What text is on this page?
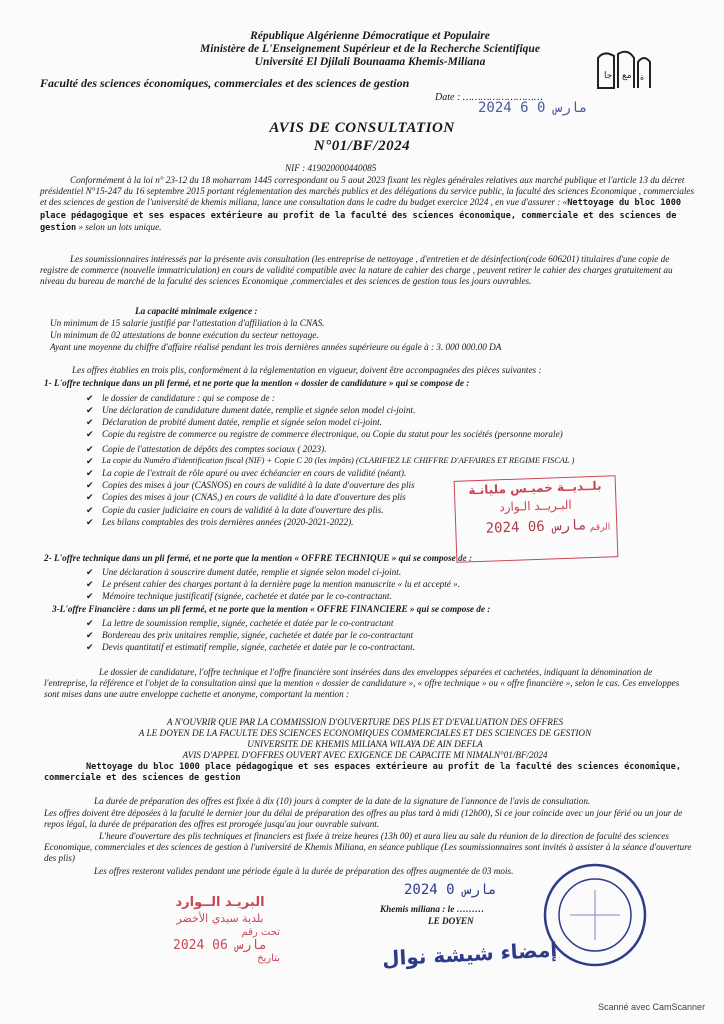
République Algérienne Démocratique et Populaire
Ministère de L'Enseignement Supérieur et de la Recherche Scientifique
Université El Djilali Bounaama Khemis-Miliana
جا مع ة
Faculté des sciences économiques, commerciales et des sciences de gestion
Date : ………………………
2024 مارس 0 6
AVIS DE CONSULTATION
N°01/BF/2024
NIF : 419020000440085
Conformément à la loi n° 23-12 du 18 moharram 1445 correspondant ou 5 aout 2023 fixant les règles générales relatives aux marché publique et l'article 13 du décret présidentiel N°15-247 du 16 septembre 2015 portant réglementation des marchés publics et des délégations du service public, la faculté des sciences Economique , commerciales et des sciences de gestion de l'université de khemis miliana, lance une consultation dans le cadre du budget exercice 2024 , en vue d'assurer : «Nettoyage du bloc 1000 place pédagogique et ses espaces extérieure au profit de la faculté des sciences économique, commerciale et des sciences de gestion » selon un lots unique.
Les soumissionnaires intéressés par la présente avis consultation (les entreprise de nettoyage , d'entretien et de désinfection(code 606201) titulaires d'une copie de registre de commerce (nouvelle immatriculation) en cours de validité compatible avec la nature de cahier des charge , peuvent retirer le cahier des charges gratuitement au niveau du bureau de marché de la faculté des sciences Economique ,commerciales et des sciences de gestion tous les jours ouvrables.
La capacité minimale exigence :
Un minimum de 15 salarie justifié par l'attestation d'affiliation à la CNAS.
Un minimum de 02 attestations de bonne exécution du secteur nettoyage.
Ayant une moyenne du chiffre d'affaire réalisé pendant les trois dernières années supérieure ou égale à : 3. 000 000.00 DA
Les offres établies en trois plis, conformément à la réglementation en vigueur, doivent être accompagnées des pièces suivantes :
1- L'offre technique dans un pli fermé, et ne porte que la mention « dossier de candidature » qui se compose de :
✔ le dossier de candidature : qui se compose de :
✔ Une déclaration de candidature dument datée, remplie et signée selon model ci-joint.
✔ Déclaration de probité dument datée, remplie et signée selon model ci-joint.
✔ Copie du registre de commerce ou registre de commerce électronique, ou Copie du statut pour les sociétés (personne morale)
✔ Copie de l'attestation de dépôts des comptes sociaux ( 2023).
✔ La copie du Numéro d'identification fiscal (NIF) + Copie C 20 (les impôts) (CLARIFIEZ LE CHIFFRE D'AFFAIRES ET REGIME FISCAL )
✔ La copie de l'extrait de rôle apuré ou avec échéancier en cours de validité (néant).
✔ Copies des mises à jour (CASNOS) en cours de validité à la date d'ouverture des plis
✔ Copies des mises à jour (CNAS,) en cours de validité à la date d'ouverture des plis
✔ Copie du casier judiciaire en cours de validité à la date d'ouverture des plis.
✔ Les bilans comptables des trois dernières années (2020-2021-2022).
2- L'offre technique dans un pli fermé, et ne porte que la mention « OFFRE TECHNIQUE » qui se compose de :
✔ Une déclaration à souscrire dument datée, remplie et signée selon model ci-joint.
✔ Le présent cahier des charges portant à la dernière page la mention manuscrite « lu et accepté ».
✔ Mémoire technique justificatif (signée, cachetée et datée par le co-contractant.
3-L'offre Financière : dans un pli fermé, et ne porte que la mention « OFFRE FINANCIERE » qui se compose de :
✔ La lettre de soumission remplie, signée, cachetée et datée par le co-contractant
✔ Bordereau des prix unitaires remplie, signée, cachetée et datée par le co-contractant
✔ Devis quantitatif et estimatif remplie, signée, cachetée et datée par le co-contractant.
Le dossier de candidature, l'offre technique et l'offre financière sont insérées dans des enveloppes séparées et cachetées, indiquant la dénomination de l'entreprise, la référence et l'objet de la consultation ainsi que la mention « dossier de candidature », « offre technique » ou « offre financière », selon le cas. Ces enveloppes sont mises dans une autre enveloppe cachette et anonyme, comportant la mention :
A N'OUVRIR QUE PAR LA COMMISSION D'OUVERTURE DES PLIS ET D'EVALUATION DES OFFRES
A LE DOYEN DE LA FACULTE DES SCIENCES ECONOMIQUES COMMERCIALES ET DES SCIENCES DE GESTION
UNIVERSITE DE KHEMIS MILIANA WILAYA DE AIN DEFLA
AVIS D'APPEL D'OFFRES OUVERT AVEC EXIGENCE DE CAPACITE MI NIMALN°01/BF/2024
Nettoyage du bloc 1000 place pédagogique et ses espaces extérieure au profit de la faculté des sciences économique, commerciale et des sciences de gestion
La durée de préparation des offres est fixée à dix (10) jours à compter de la date de la signature de l'annonce de l'avis de consultation.
Les offres doivent être déposées à la faculté le dernier jour du délai de préparation des offres au plus tard à midi (12h00), Si ce jour coïncide avec un jour férié ou un jour de repos légal, la durée de préparation des offres est prorogée jusqu'au jour ouvrable suivant.
L'heure d'ouverture des plis techniques et financiers est fixée à treize heures (13h 00) et aura lieu au sale du réunion de la direction de faculté des sciences Economique, commerciales et des sciences de gestion à l'université de Khemis Miliana, en séance publique (Les soumissionnaires sont invités à assister à la séance d'ouverture des plis)
Les offres resteront valides pendant une période égale à la durée de préparation des offres augmentée de 03 mois.
بلــديــة خميـس مليانـة
البـريــد الـوارد
2024 مارس 06 الرقم
البريـد الــوارد
بلدية سيدي الأخضر
تحت رقم
2024 مارس 06
بتاريخ
2024 مارس 0
Khemis miliana : le ………
LE DOYEN
إمضاء شيشة نوال
Scanné avec CamScanner
